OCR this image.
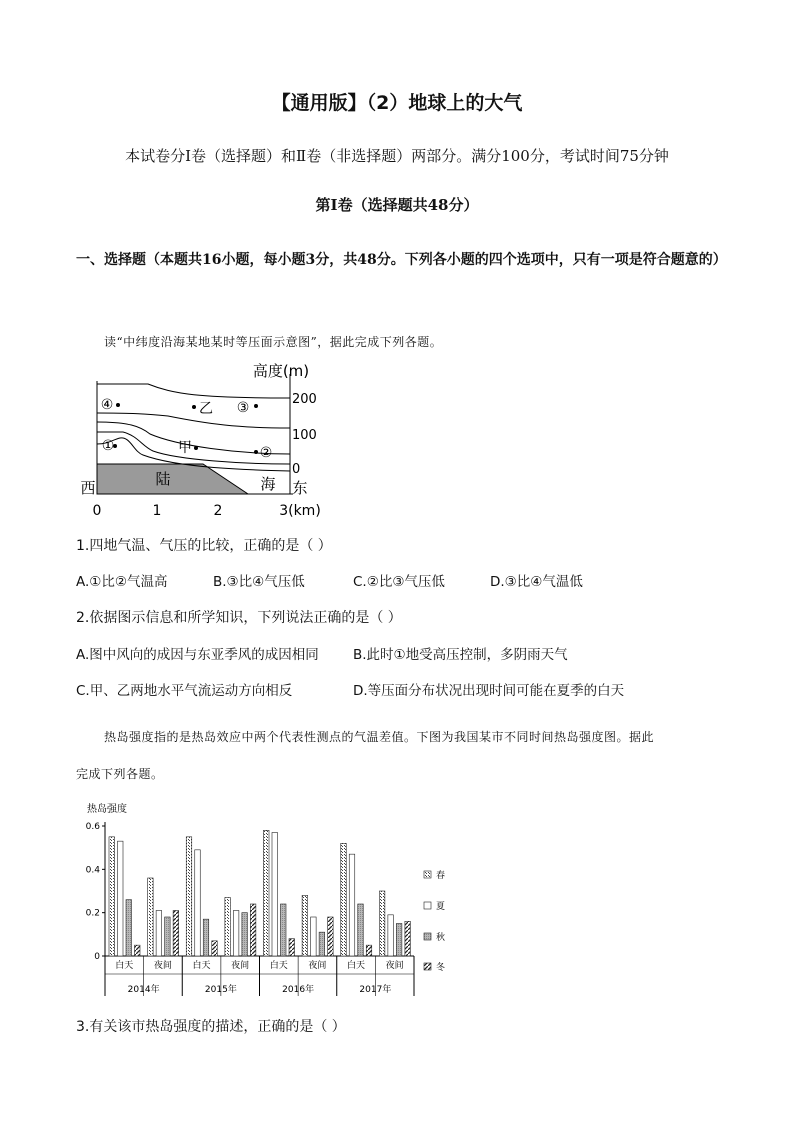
【通用版】（2）地球上的大气
本试卷分Ⅰ卷（选择题）和Ⅱ卷（非选择题）两部分。满分100分，考试时间75分钟
第Ⅰ卷（选择题共48分）
一、选择题（本题共16小题，每小题3分，共48分。下列各小题的四个选项中，只有一项是符合题意的）
读“中纬度沿海某地某时等压面示意图”，据此完成下列各题。
④	乙 ③
①	甲	②
高度(m)
200
100
0
陆	海
西	东
0	1	2	3(km)
1.四地气温、气压的比较，正确的是（ ）
A.①比②气温高	B.③比④气压低	C.②比③气压低	D.③比④气温低
2.依据图示信息和所学知识，下列说法正确的是（ ）
A.图中风向的成因与东亚季风的成因相同	B.此时①地受高压控制，多阴雨天气
C.甲、乙两地水平气流运动方向相反	D.等压面分布状况出现时间可能在夏季的白天
热岛强度指的是热岛效应中两个代表性测点的气温差值。下图为我国某市不同时间热岛强度图。据此
完成下列各题。
热岛强度
0
0.2
0.4
0.6
白天 夜间 白天 夜间 白天 夜间 白天 夜间
2014年	2015年	2016年	2017年
春
夏
秋
冬
3.有关该市热岛强度的描述，正确的是（ ）
